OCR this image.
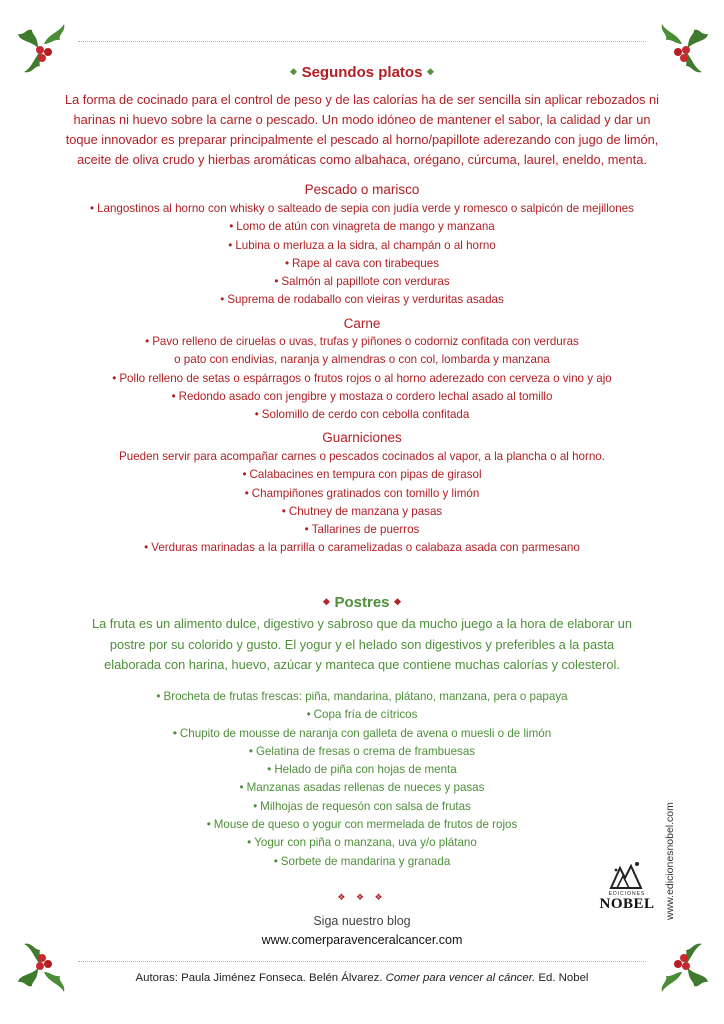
❖ Segundos platos ❖
La forma de cocinado para el control de peso y de las calorías ha de ser sencilla sin aplicar rebozados ni harinas ni huevo sobre la carne o pescado. Un modo idóneo de mantener el sabor, la calidad y dar un toque innovador es preparar principalmente el pescado al horno/papillote aderezando con jugo de limón, aceite de oliva crudo y hierbas aromáticas como albahaca, orégano, cúrcuma, laurel, eneldo, menta.
Pescado o marisco
• Langostinos al horno con whisky o salteado de sepia con judía verde y romesco o salpicón de mejillones
• Lomo de atún con vinagreta de mango y manzana
• Lubina o merluza a la sidra, al champán o al horno
• Rape al cava con tirabeques
• Salmón al papillote con verduras
• Suprema de rodaballo con vieiras y verduritas asadas
Carne
• Pavo relleno de ciruelas o uvas, trufas y piñones o codorniz confitada con verduras
o pato con endivias, naranja y almendras o con col, lombarda y manzana
• Pollo relleno de setas o espárragos o frutos rojos o al horno aderezado con cerveza o vino y ajo
• Redondo asado con jengibre y mostaza o cordero lechal asado al tomillo
• Solomillo de cerdo con cebolla confitada
Guarniciones
Pueden servir para acompañar carnes o pescados cocinados al vapor, a la plancha o al horno.
• Calabacines en tempura con pipas de girasol
• Champiñones gratinados con tomillo y limón
• Chutney de manzana y pasas
• Tallarines de puerros
• Verduras marinadas a la parrilla o caramelizadas o calabaza asada con parmesano
❖ Postres ❖
La fruta es un alimento dulce, digestivo y sabroso que da mucho juego a la hora de elaborar un postre por su colorido y gusto. El yogur y el helado son digestivos y preferibles a la pasta elaborada con harina, huevo, azúcar y manteca que contiene muchas calorías y colesterol.
• Brocheta de frutas frescas: piña, mandarina, plátano, manzana, pera o papaya
• Copa fría de cítricos
• Chupito de mousse de naranja con galleta de avena o muesli o de limón
• Gelatina de fresas o crema de frambuesas
• Helado de piña con hojas de menta
• Manzanas asadas rellenas de nueces y pasas
• Milhojas de requesón con salsa de frutas
• Mouse de queso o yogur con mermelada de frutos de rojos
• Yogur con piña o manzana, uva y/o plátano
• Sorbete de mandarina y granada
❖ ❖ ❖
Siga nuestro blog
www.comerparavenceralcancer.com
www.edicionesnobel.com
EDICIONES
NOBEL
Autoras: Paula Jiménez Fonseca. Belén Álvarez. Comer para vencer al cáncer. Ed. Nobel
